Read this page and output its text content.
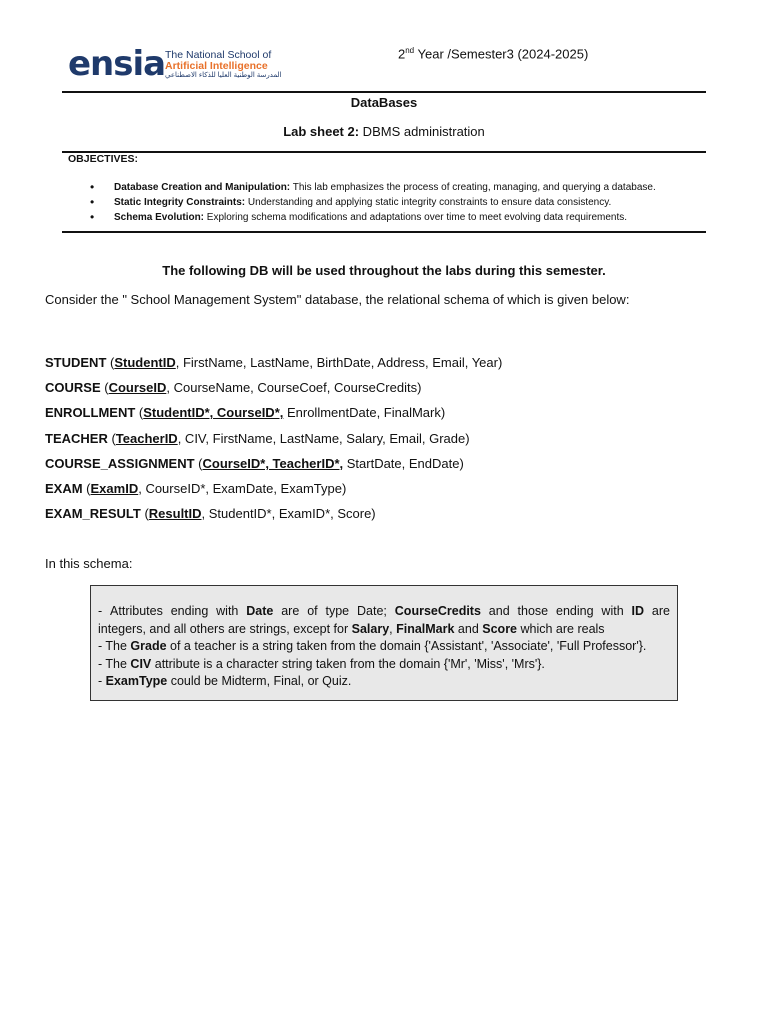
ensia The National School of
Artificial Intelligence
المدرسة الوطنية العليا للذكاء الاصطناعي
2nd Year /Semester3 (2024-2025)
DataBases
Lab sheet 2: DBMS administration
OBJECTIVES:
• Database Creation and Manipulation: This lab emphasizes the process of creating, managing, and querying a database.
• Static Integrity Constraints: Understanding and applying static integrity constraints to ensure data consistency.
• Schema Evolution: Exploring schema modifications and adaptations over time to meet evolving data requirements.
The following DB will be used throughout the labs during this semester.
Consider the " School Management System" database, the relational schema of which is given below:
STUDENT (StudentID, FirstName, LastName, BirthDate, Address, Email, Year)
COURSE (CourseID, CourseName, CourseCoef, CourseCredits)
ENROLLMENT (StudentID*, CourseID*, EnrollmentDate, FinalMark)
TEACHER (TeacherID, CIV, FirstName, LastName, Salary, Email, Grade)
COURSE_ASSIGNMENT (CourseID*, TeacherID*, StartDate, EndDate)
EXAM (ExamID, CourseID*, ExamDate, ExamType)
EXAM_RESULT (ResultID, StudentID*, ExamID*, Score)
In this schema:
- Attributes ending with Date are of type Date; CourseCredits and those ending with ID are
integers, and all others are strings, except for Salary, FinalMark and Score which are reals
- The Grade of a teacher is a string taken from the domain {'Assistant', 'Associate', 'Full Professor'}.
- The CIV attribute is a character string taken from the domain {'Mr', 'Miss', 'Mrs'}.
- ExamType could be Midterm, Final, or Quiz.
